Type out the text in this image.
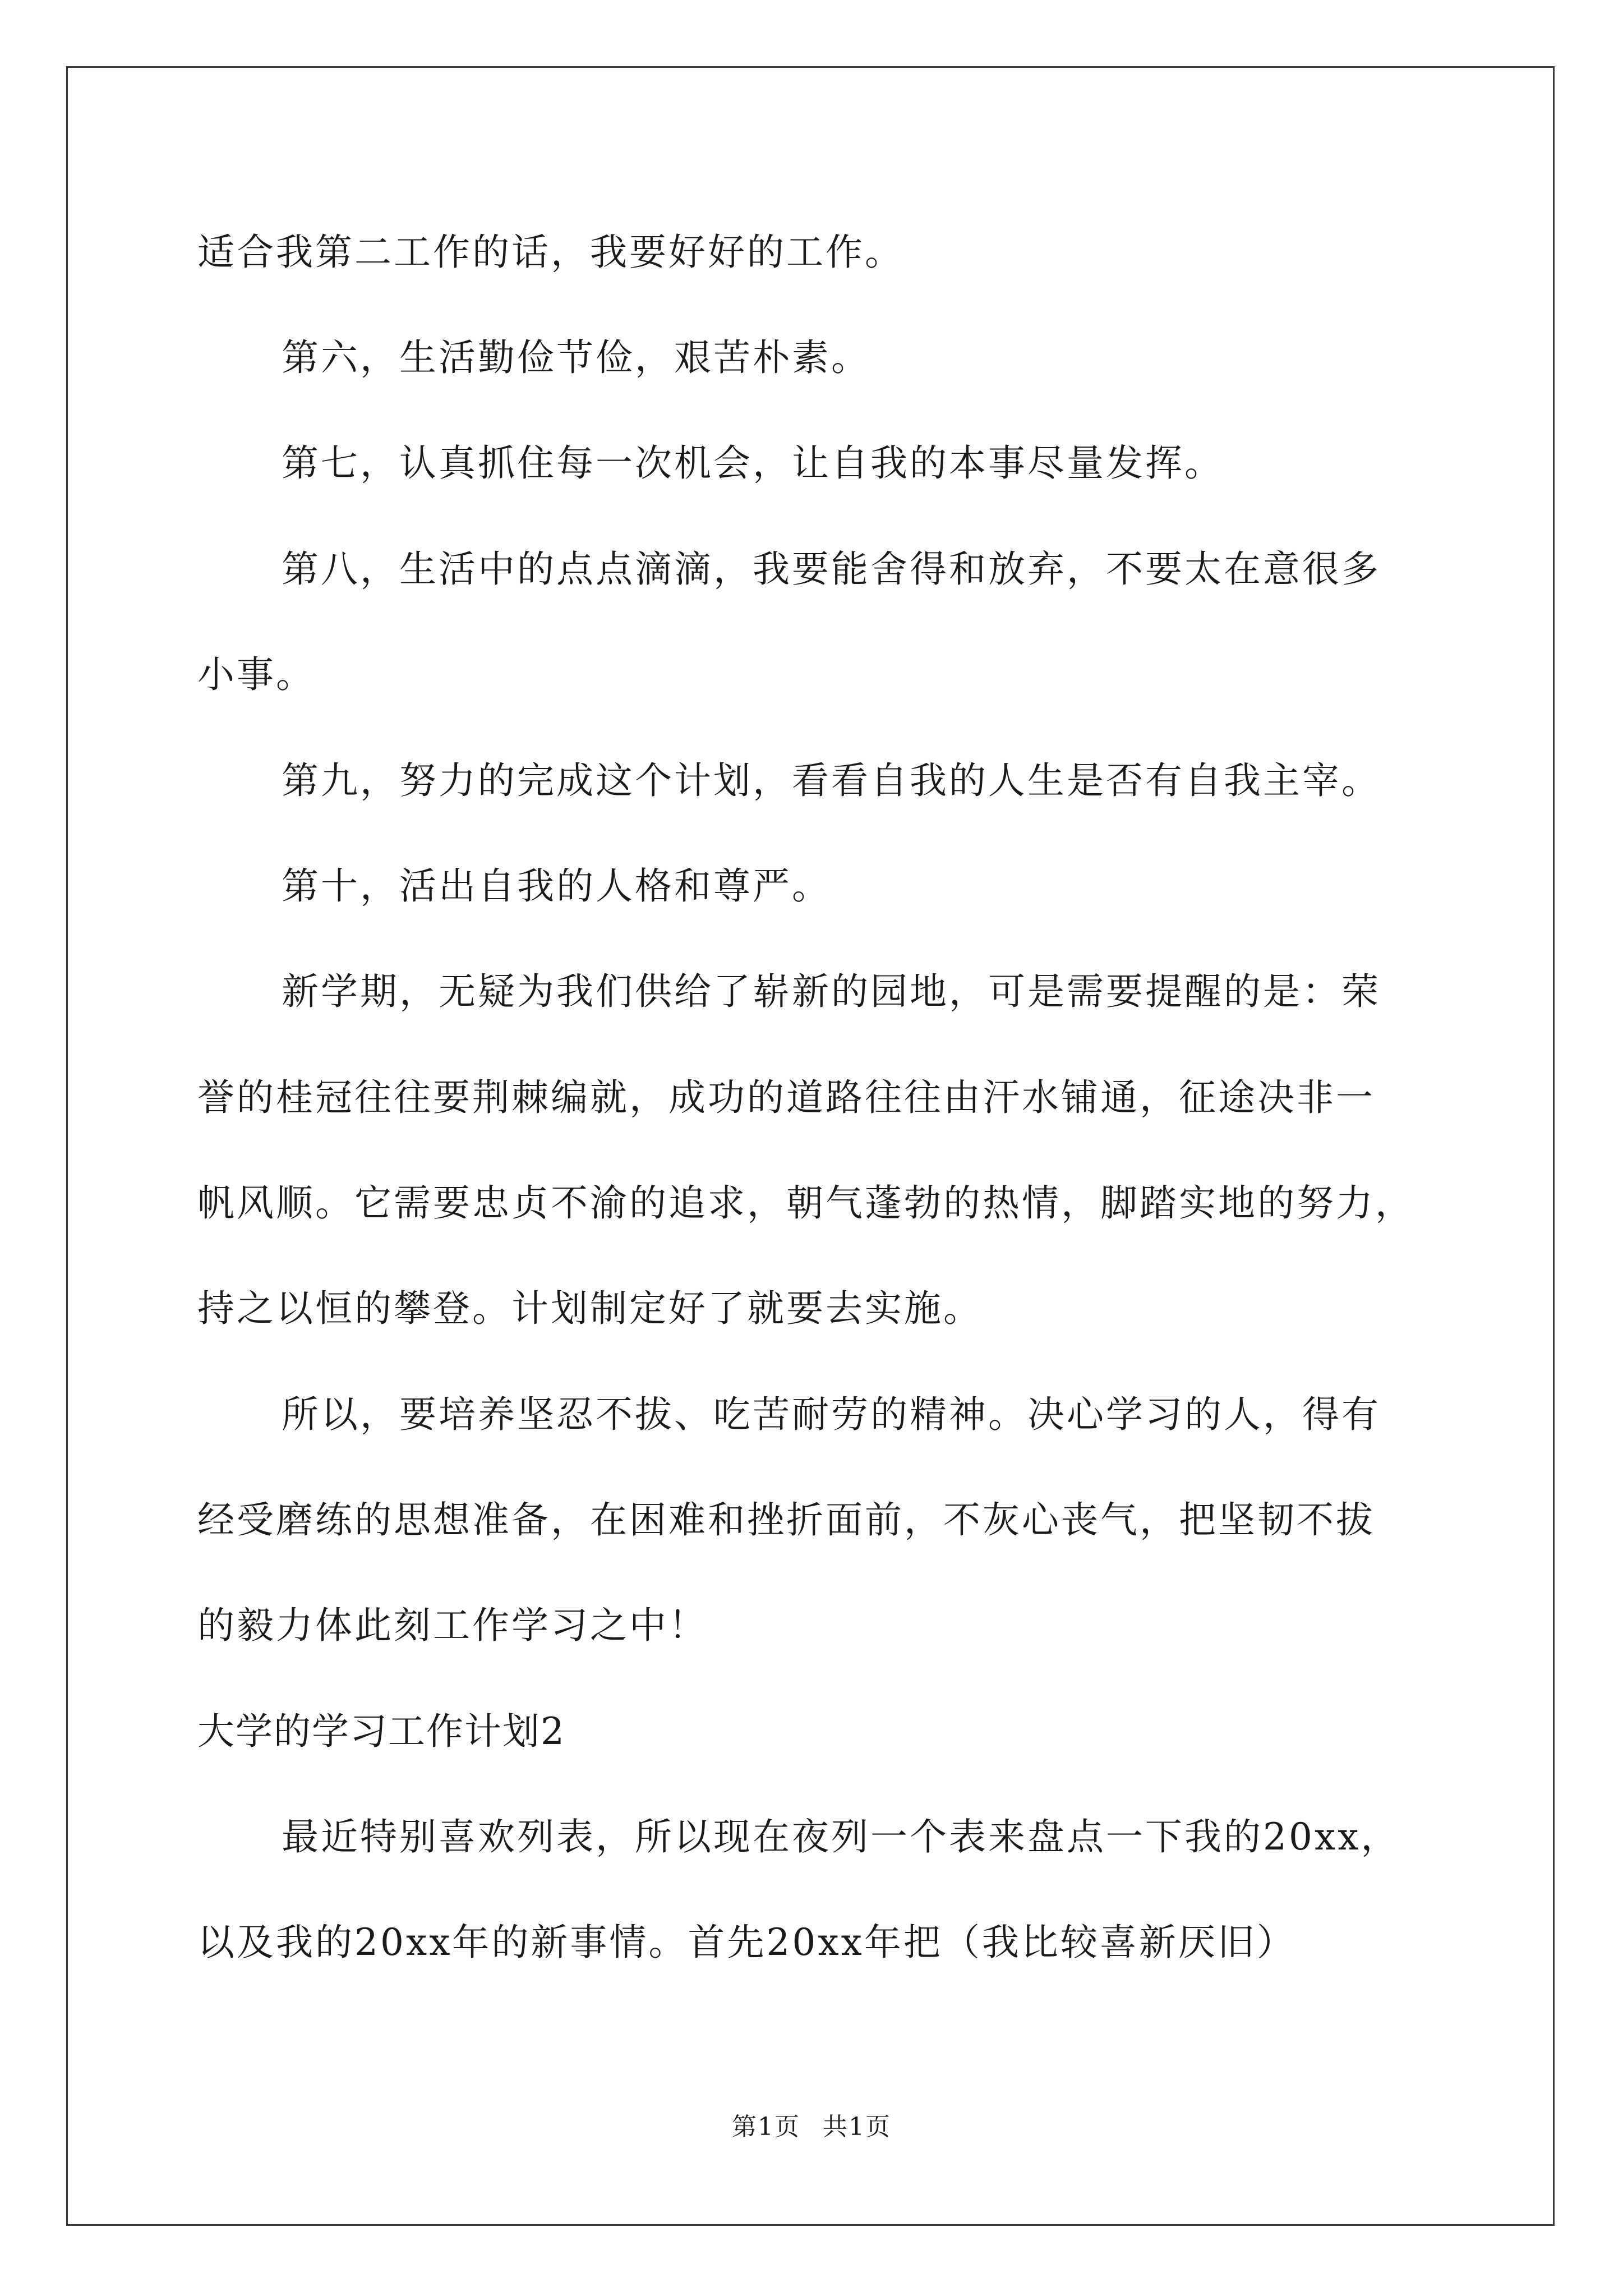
适合我第二工作的话，我要好好的工作。
第六，生活勤俭节俭，艰苦朴素。
第七，认真抓住每一次机会，让自我的本事尽量发挥。
第八，生活中的点点滴滴，我要能舍得和放弃，不要太在意很多
小事。
第九，努力的完成这个计划，看看自我的人生是否有自我主宰。
第十，活出自我的人格和尊严。
新学期，无疑为我们供给了崭新的园地，可是需要提醒的是：荣
誉的桂冠往往要荆棘编就，成功的道路往往由汗水铺通，征途决非一
帆风顺。它需要忠贞不渝的追求，朝气蓬勃的热情，脚踏实地的努力，
持之以恒的攀登。计划制定好了就要去实施。
所以，要培养坚忍不拔、吃苦耐劳的精神。决心学习的人，得有
经受磨练的思想准备，在困难和挫折面前，不灰心丧气，把坚韧不拔
的毅力体此刻工作学习之中！
大学的学习工作计划2
最近特别喜欢列表，所以现在夜列一个表来盘点一下我的20xx，
以及我的20xx年的新事情。首先20xx年把（我比较喜新厌旧）
第1页 共1页
